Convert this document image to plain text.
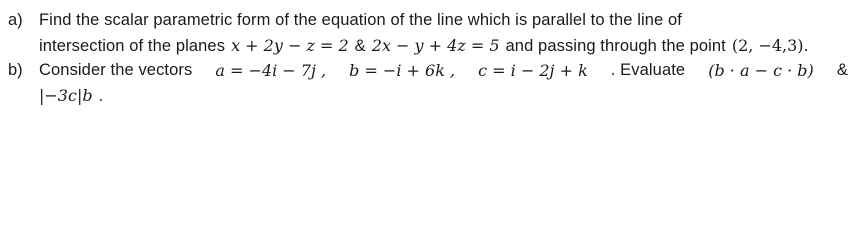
a) Find the scalar parametric form of the equation of the line which is parallel to the line of
intersection of the planes x + 2y − z = 2 & 2x − y + 4z = 5 and passing through the point (2, −4,3).
b) Consider the vectors a = −4i − 7j , b = −i + 6k , c = i − 2j + k . Evaluate (b · a − c · b) &
|−3c|b .
